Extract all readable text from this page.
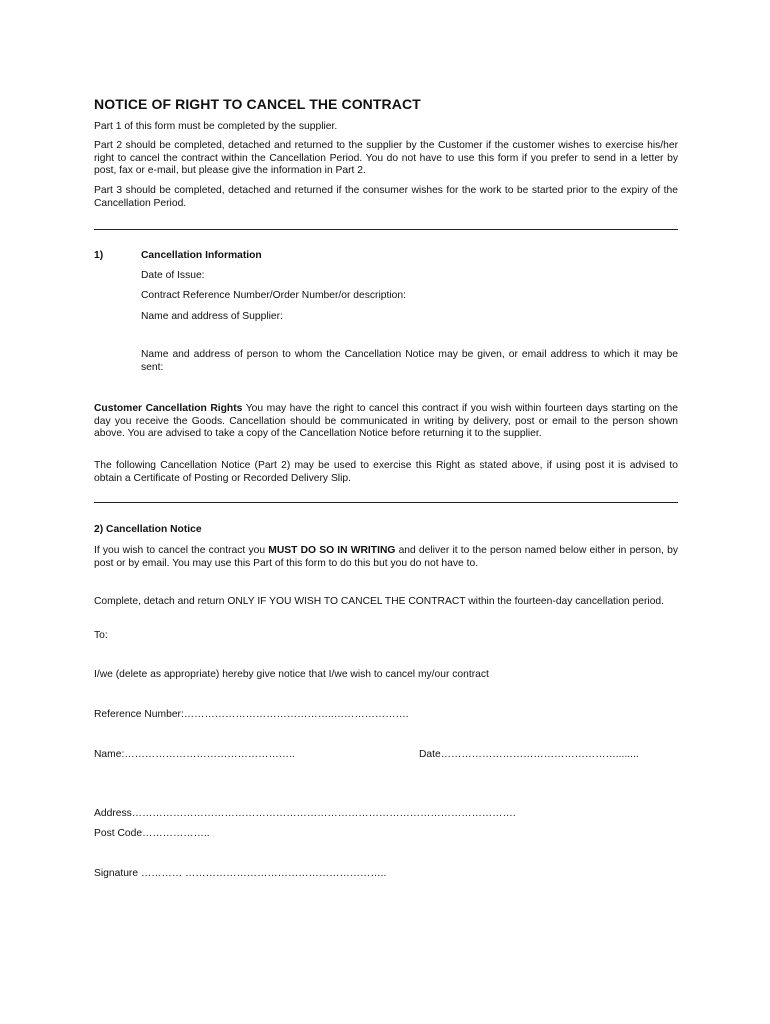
NOTICE OF RIGHT TO CANCEL THE CONTRACT
Part 1 of this form must be completed by the supplier.
Part 2 should be completed, detached and returned to the supplier by the Customer if the customer wishes to exercise his/her right to cancel the contract within the Cancellation Period. You do not have to use this form if you prefer to send in a letter by post, fax or e-mail, but please give the information in Part 2.
Part 3 should be completed, detached and returned if the consumer wishes for the work to be started prior to the expiry of the Cancellation Period.
1)	Cancellation Information
Date of Issue:
Contract Reference Number/Order Number/or description:
Name and address of Supplier:
Name and address of person to whom the Cancellation Notice may be given, or email address to which it may be sent:
Customer Cancellation Rights You may have the right to cancel this contract if you wish within fourteen days starting on the day you receive the Goods. Cancellation should be communicated in writing by delivery, post or email to the person shown above. You are advised to take a copy of the Cancellation Notice before returning it to the supplier.
The following Cancellation Notice (Part 2) may be used to exercise this Right as stated above, if using post it is advised to obtain a Certificate of Posting or Recorded Delivery Slip.
2) Cancellation Notice
If you wish to cancel the contract you MUST DO SO IN WRITING and deliver it to the person named below either in person, by post or by email. You may use this Part of this form to do this but you do not have to.
Complete, detach and return ONLY IF YOU WISH TO CANCEL THE CONTRACT within the fourteen-day cancellation period.
To:
I/we (delete as appropriate) hereby give notice that I/we wish to cancel my/our contract
Reference Number:……………………………………..………………….
Name:…………………………………………..	Date……………………………………………........
Address………………………………………………………………………………………………….
Post Code………………..
Signature ………… …………………………………………………..
